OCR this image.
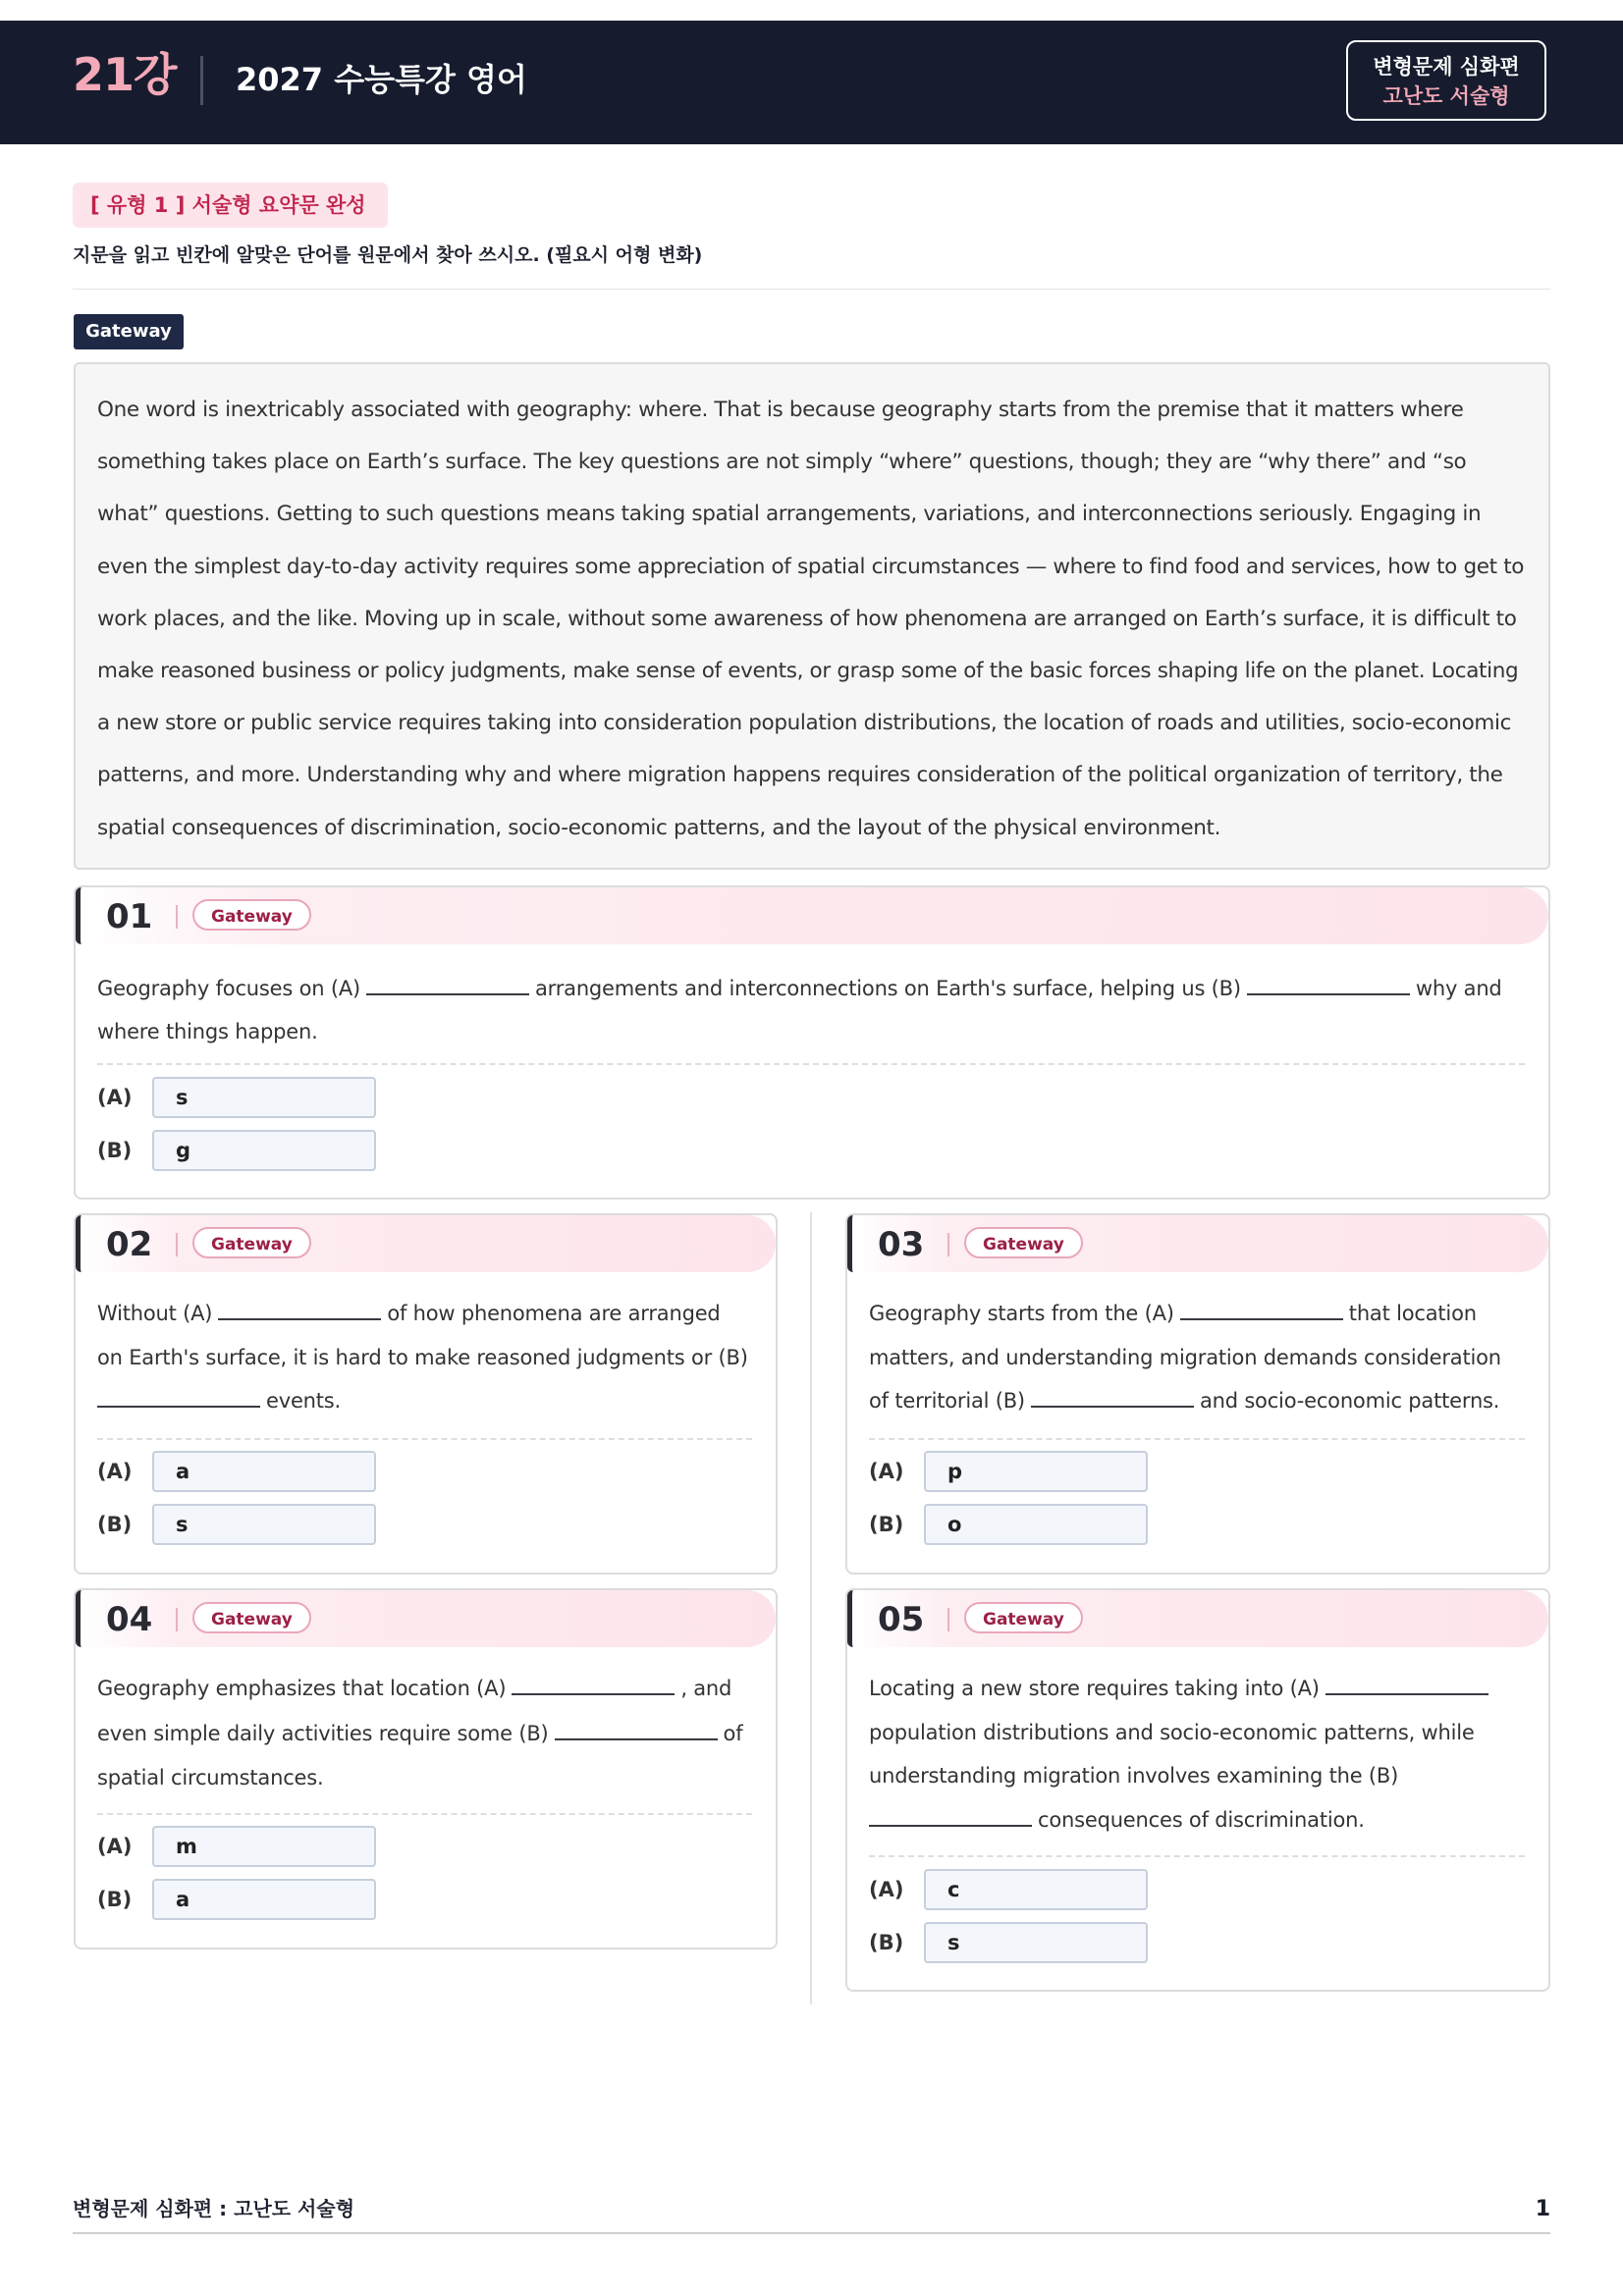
21강 2027 수능특강 영어	변형문제 심화편
고난도 서술형
[ 유형 1 ] 서술형 요약문 완성
지문을 읽고 빈칸에 알맞은 단어를 원문에서 찾아 쓰시오. (필요시 어형 변화)
Gateway
One word is inextricably associated with geography: where. That is because geography starts from the premise that it matters where something takes place on Earth’s surface. The key questions are not simply “where” questions, though; they are “why there” and “so what” questions. Getting to such questions means taking spatial arrangements, variations, and interconnections seriously. Engaging in even the simplest day-to-day activity requires some appreciation of spatial circumstances — where to find food and services, how to get to work places, and the like. Moving up in scale, without some awareness of how phenomena are arranged on Earth’s surface, it is difficult to make reasoned business or policy judgments, make sense of events, or grasp some of the basic forces shaping life on the planet. Locating a new store or public service requires taking into consideration population distributions, the location of roads and utilities, socio-economic patterns, and more. Understanding why and where migration happens requires consideration of the political organization of territory, the spatial consequences of discrimination, socio-economic patterns, and the layout of the physical environment.
01	Gateway
Geography focuses on (A)	arrangements and interconnections on Earth's surface, helping us (B)	why and where things happen.
(A)	s
(B)	g
02	Gateway
Without (A)	of how phenomena are arranged on Earth's surface, it is hard to make reasoned judgments or (B)events.
(A)	a
(B)	s
03	Gateway
Geography starts from the (A)	that location matters, and understanding migration demands consideration of territorial (B)	and socio-economic patterns.
(A)	p
(B)	o
04	Gateway
Geography emphasizes that location (A)	, and even simple daily activities require some (B)	of spatial circumstances.
(A)	m
(B)	a
05	Gateway
Locating a new store requires taking into (A)population distributions and socio-economic patterns, while understanding migration involves examining the (B)consequences of discrimination.
(A)	c
(B)	s
변형문제 심화편 : 고난도 서술형	1
